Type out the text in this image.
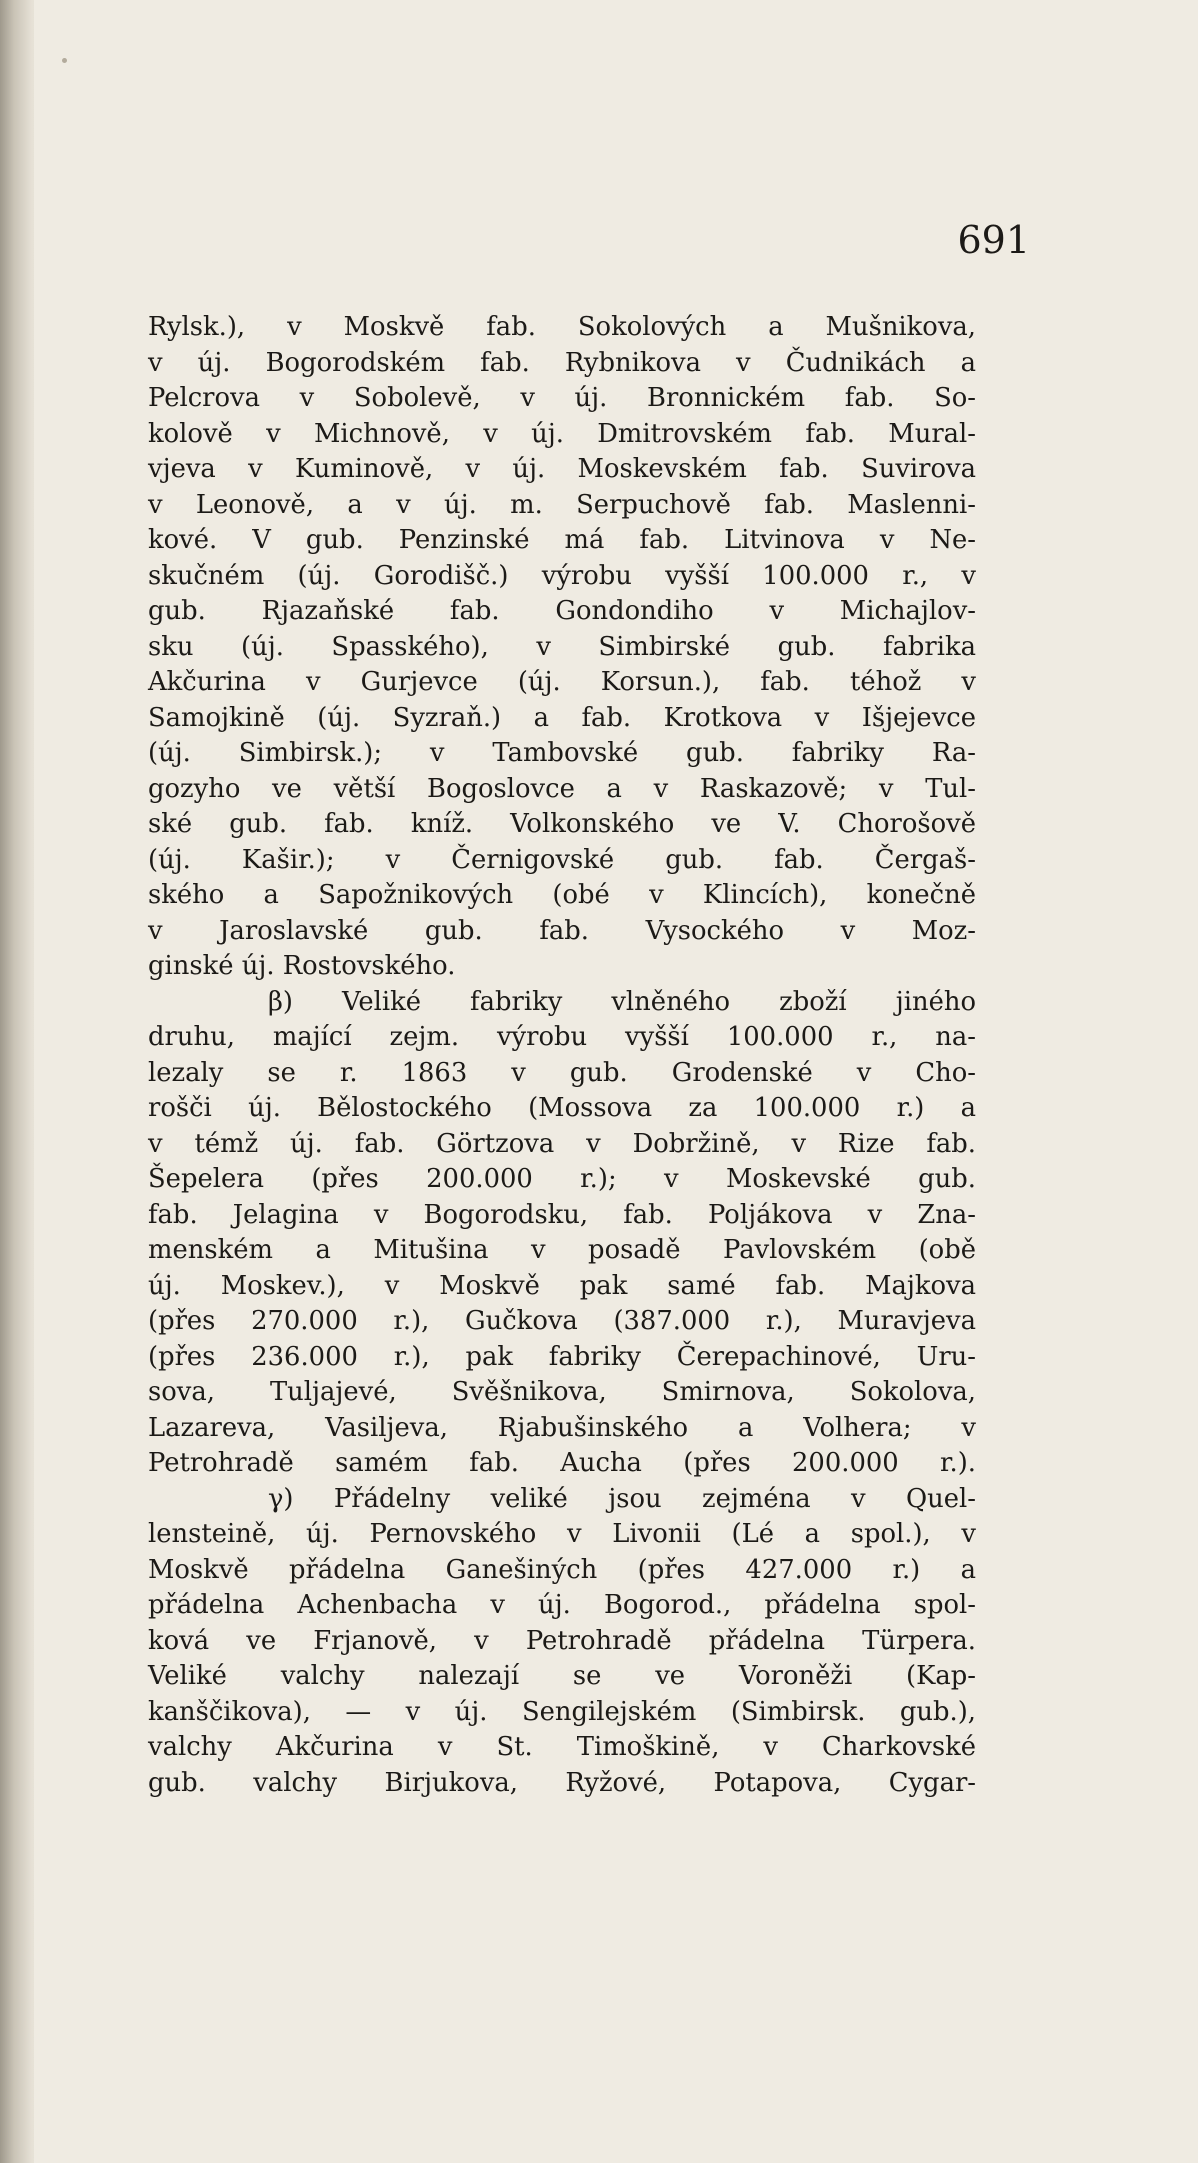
691
Rylsk.), v Moskvě fab. Sokolových a Mušnikova,
v új. Bogorodském fab. Rybnikova v Čudnikách a
Pelcrova v Sobolevě, v új. Bronnickém fab. So-
kolově v Michnově, v új. Dmitrovském fab. Mural-
vjeva v Kuminově, v új. Moskevském fab. Suvirova
v Leonově, a v új. m. Serpuchově fab. Maslenni-
kové. V gub. Penzinské má fab. Litvinova v Ne-
skučném (új. Gorodišč.) výrobu vyšší 100.000 r., v
gub. Rjazaňské fab. Gondondiho v Michajlov-
sku (új. Spasského), v Simbirské gub. fabrika
Akčurina v Gurjevce (új. Korsun.), fab. téhož v
Samojkině (új. Syzraň.) a fab. Krotkova v Išjejevce
(új. Simbirsk.); v Tambovské gub. fabriky Ra-
gozyho ve větší Bogoslovce a v Raskazově; v Tul-
ské gub. fab. kníž. Volkonského ve V. Chorošově
(új. Kašir.); v Černigovské gub. fab. Čergaš-
ského a Sapožnikových (obé v Klincích), konečně
v Jaroslavské gub. fab. Vysockého v Moz-
ginské új. Rostovského.
β) Veliké fabriky vlněného zboží jiného
druhu, mající zejm. výrobu vyšší 100.000 r., na-
lezaly se r. 1863 v gub. Grodenské v Cho-
rošči új. Bělostockého (Mossova za 100.000 r.) a
v témž új. fab. Görtzova v Dobržině, v Rize fab.
Šepelera (přes 200.000 r.); v Moskevské gub.
fab. Jelagina v Bogorodsku, fab. Poljákova v Zna-
menském a Mitušina v posadě Pavlovském (obě
új. Moskev.), v Moskvě pak samé fab. Majkova
(přes 270.000 r.), Gučkova (387.000 r.), Muravjeva
(přes 236.000 r.), pak fabriky Čerepachinové, Uru-
sova, Tuljajevé, Svěšnikova, Smirnova, Sokolova,
Lazareva, Vasiljeva, Rjabušinského a Volhera; v
Petrohradě samém fab. Aucha (přes 200.000 r.).
γ) Přádelny veliké jsou zejména v Quel-
lensteině, új. Pernovského v Livonii (Lé a spol.), v
Moskvě přádelna Ganešiných (přes 427.000 r.) a
přádelna Achenbacha v új. Bogorod., přádelna spol-
ková ve Frjanově, v Petrohradě přádelna Türpera.
Veliké valchy nalezají se ve Voroněži (Kap-
kanščikova), — v új. Sengilejském (Simbirsk. gub.),
valchy Akčurina v St. Timoškině, v Charkovské
gub. valchy Birjukova, Ryžové, Potapova, Cygar-
